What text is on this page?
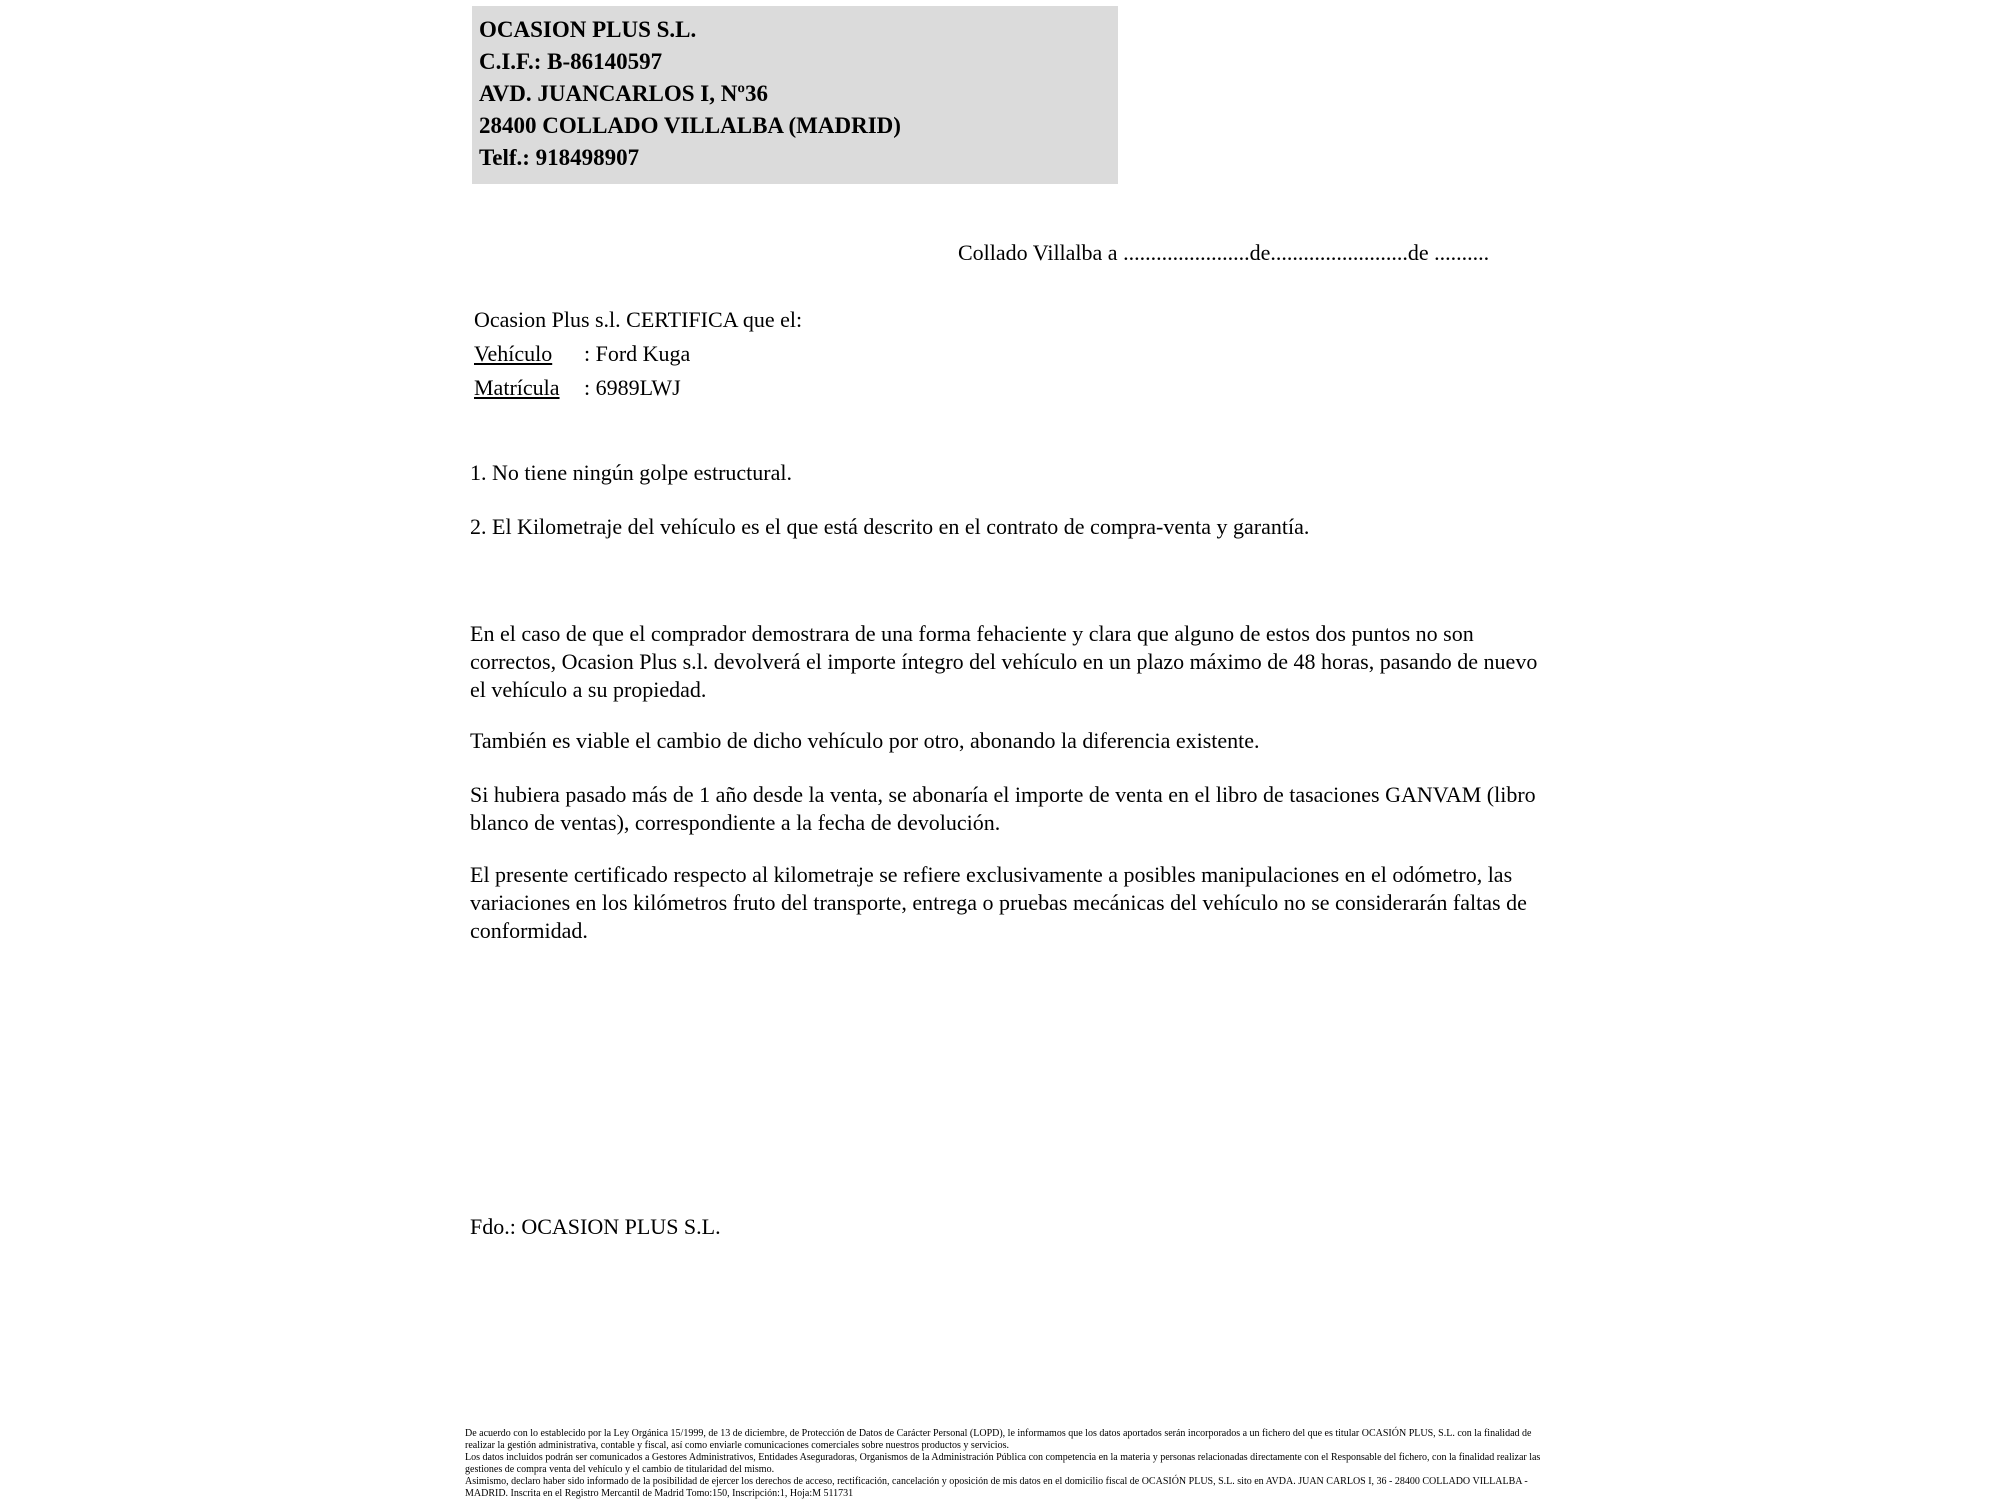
OCASION PLUS S.L.
C.I.F.: B-86140597
AVD. JUANCARLOS I, Nº36
28400 COLLADO VILLALBA (MADRID)
Telf.: 918498907
Collado Villalba a .......................de.........................de ..........
Ocasion Plus s.l. CERTIFICA que el:
Vehículo : Ford Kuga
Matrícula : 6989LWJ
1. No tiene ningún golpe estructural.
2. El Kilometraje del vehículo es el que está descrito en el contrato de compra-venta y garantía.
En el caso de que el comprador demostrara de una forma fehaciente y clara que alguno de estos dos puntos no son correctos, Ocasion Plus s.l. devolverá el importe íntegro del vehículo en un plazo máximo de 48 horas, pasando de nuevo el vehículo a su propiedad.
También es viable el cambio de dicho vehículo por otro, abonando la diferencia existente.
Si hubiera pasado más de 1 año desde la venta, se abonaría el importe de venta en el libro de tasaciones GANVAM (libro blanco de ventas), correspondiente a la fecha de devolución.
El presente certificado respecto al kilometraje se refiere exclusivamente a posibles manipulaciones en el odómetro, las variaciones en los kilómetros fruto del transporte, entrega o pruebas mecánicas del vehículo no se considerarán faltas de conformidad.
Fdo.: OCASION PLUS S.L.
De acuerdo con lo establecido por la Ley Orgánica 15/1999, de 13 de diciembre, de Protección de Datos de Carácter Personal (LOPD), le informamos que los datos aportados serán incorporados a un fichero del que es titular OCASIÓN PLUS, S.L. con la finalidad de realizar la gestión administrativa, contable y fiscal, así como enviarle comunicaciones comerciales sobre nuestros productos y servicios.
Los datos incluidos podrán ser comunicados a Gestores Administrativos, Entidades Aseguradoras, Organismos de la Administración Pública con competencia en la materia y personas relacionadas directamente con el Responsable del fichero, con la finalidad realizar las gestiones de compra venta del vehículo y el cambio de titularidad del mismo.
Asimismo, declaro haber sido informado de la posibilidad de ejercer los derechos de acceso, rectificación, cancelación y oposición de mis datos en el domicilio fiscal de OCASIÓN PLUS, S.L. sito en AVDA. JUAN CARLOS I, 36 - 28400 COLLADO VILLALBA - MADRID. Inscrita en el Registro Mercantil de Madrid Tomo:150, Inscripción:1, Hoja:M 511731
